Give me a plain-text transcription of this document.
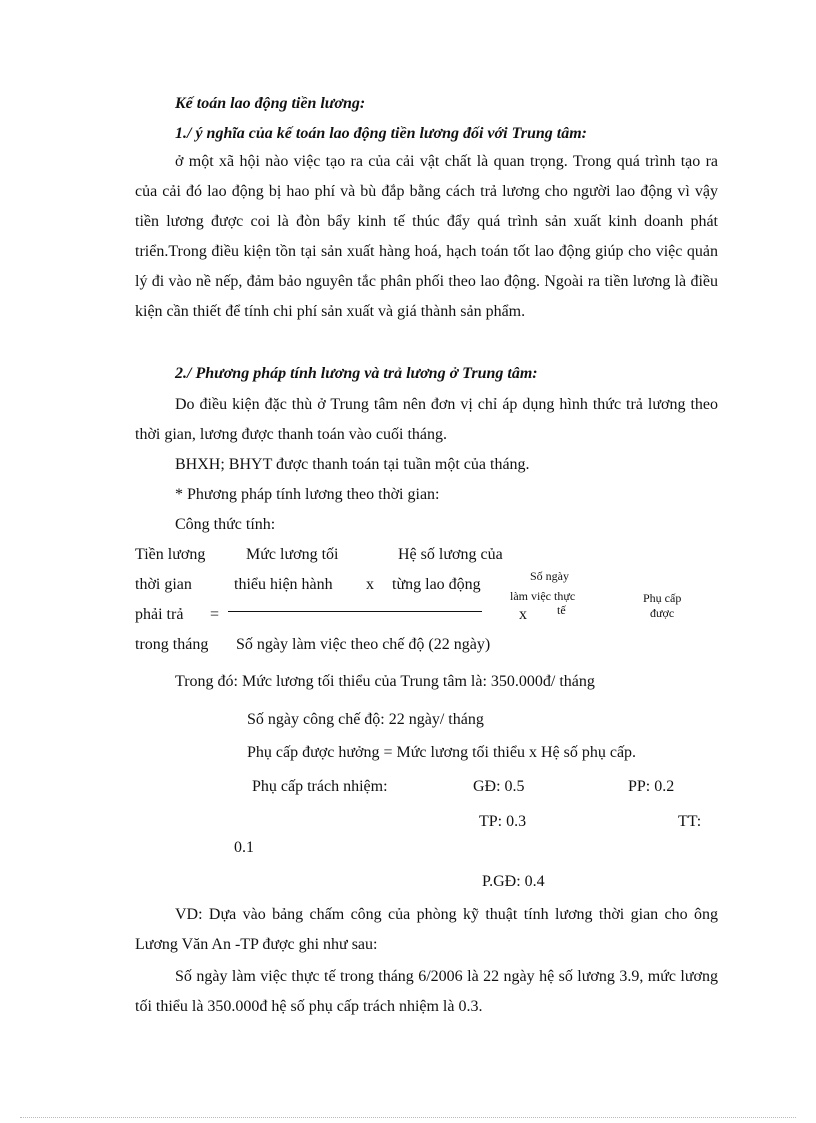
Kế toán lao động tiền lương:
1./ ý nghĩa của kế toán lao động tiền lương đối với Trung tâm:
ở một xã hội nào việc tạo ra của cải vật chất là quan trọng. Trong quá trình tạo ra của cải đó lao động bị hao phí và bù đắp bằng cách trả lương cho người lao động vì vậy tiền lương được coi là đòn bẩy kinh tế thúc đẩy quá trình sản xuất kinh doanh phát triển.Trong điều kiện tồn tại sản xuất hàng hoá, hạch toán tốt lao động giúp cho việc quản lý đi vào nề nếp, đảm bảo nguyên tắc phân phối theo lao động. Ngoài ra tiền lương là điều kiện cần thiết để tính chi phí sản xuất và giá thành sản phẩm.
2./ Phương pháp tính lương và trả lương ở Trung tâm:
Do điều kiện đặc thù ở Trung tâm nên đơn vị chỉ áp dụng hình thức trả lương theo thời gian, lương được thanh toán vào cuối tháng.
BHXH; BHYT được thanh toán tại tuần một của tháng.
* Phương pháp tính lương theo thời gian:
Công thức tính:
Tiền lương
thời gian
phải trả
trong tháng
=
Mức lương tối
thiểu hiện hành x
Hệ số lương của
từng lao động
Số ngày làm việc theo chế độ (22 ngày)
Số ngày
làm việc thực
tế
x
Phụ cấp
được
Trong đó: Mức lương tối thiểu của Trung tâm là: 350.000đ/ tháng
Số ngày công chế độ: 22 ngày/ tháng
Phụ cấp được hưởng = Mức lương tối thiểu x Hệ số phụ cấp.
Phụ cấp trách nhiệm:	GĐ: 0.5	PP: 0.2
TP: 0.3	TT:
0.1
P.GĐ: 0.4
VD: Dựa vào bảng chấm công của phòng kỹ thuật tính lương thời gian cho ông Lương Văn An -TP được ghi như sau:
Số ngày làm việc thực tế trong tháng 6/2006 là 22 ngày hệ số lương 3.9, mức lương tối thiểu là 350.000đ hệ số phụ cấp trách nhiệm là 0.3.
